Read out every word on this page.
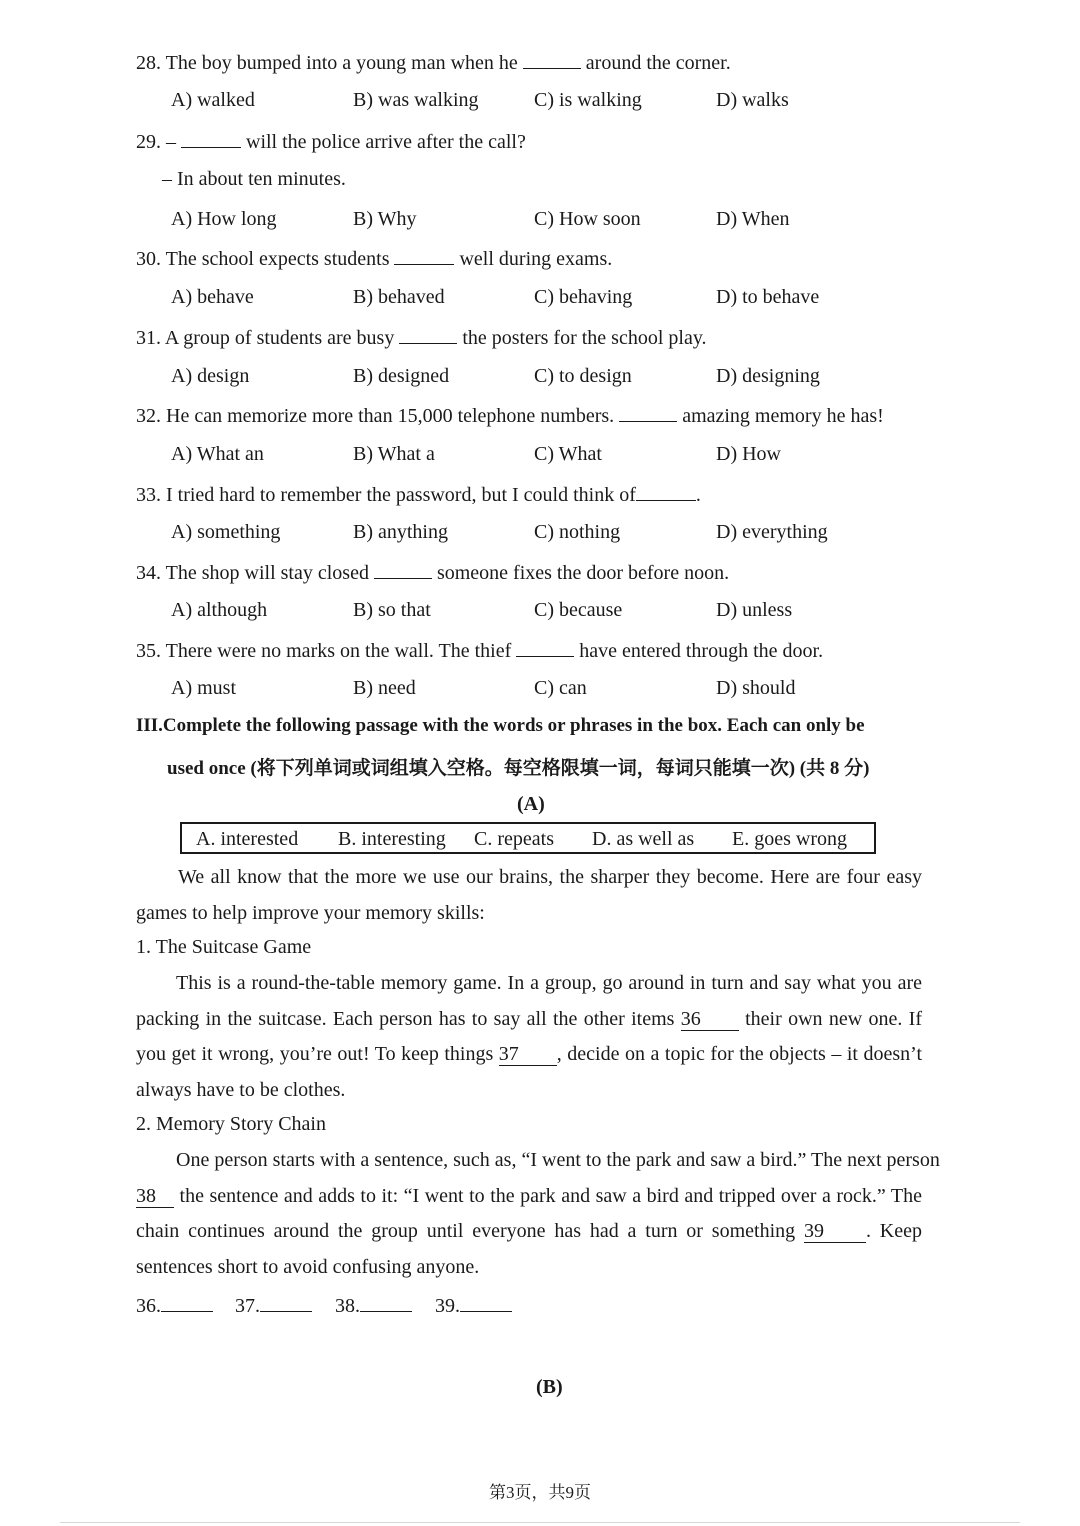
28. The boy bumped into a young man when he	around the corner.
A) walked	B) was walking	C) is walking	D) walks
29. –	will the police arrive after the call?
– In about ten minutes.
A) How long	B) Why	C) How soon	D) When
30. The school expects students	well during exams.
A) behave	B) behaved	C) behaving	D) to behave
31. A group of students are busy	the posters for the school play.
A) design	B) designed	C) to design	D) designing
32. He can memorize more than 15,000 telephone numbers.	amazing memory he has!
A) What an	B) What a	C) What	D) How
33. I tried hard to remember the password, but I could think of	.
A) something	B) anything	C) nothing	D) everything
34. The shop will stay closed	someone fixes the door before noon.
A) although	B) so that	C) because	D) unless
35. There were no marks on the wall. The thief	have entered through the door.
A) must	B) need	C) can	D) should
III.Complete the following passage with the words or phrases in the box. Each can only be
used once (将下列单词或词组填入空格。每空格限填一词，每词只能填一次) (共 8 分)
(A)
A. interested B. interesting C. repeats D. as well as E. goes wrong
We all know that the more we use our brains, the sharper they become. Here are four easy
games to help improve your memory skills:
1. The Suitcase Game
This is a round-the-table memory game. In a group, go around in turn and say what you are
packing in the suitcase. Each person has to say all the other items 36 their own new one. If
you get it wrong, you’re out! To keep things 37 , decide on a topic for the objects – it doesn’t
always have to be clothes.
2. Memory Story Chain
One person starts with a sentence, such as, “I went to the park and saw a bird.” The next person
38 the sentence and adds to it: “I went to the park and saw a bird and tripped over a rock.” The
chain continues around the group until everyone has had a turn or something 39 . Keep
sentences short to avoid confusing anyone.
36.	37.	38.	39.
(B)
第3页，共9页
